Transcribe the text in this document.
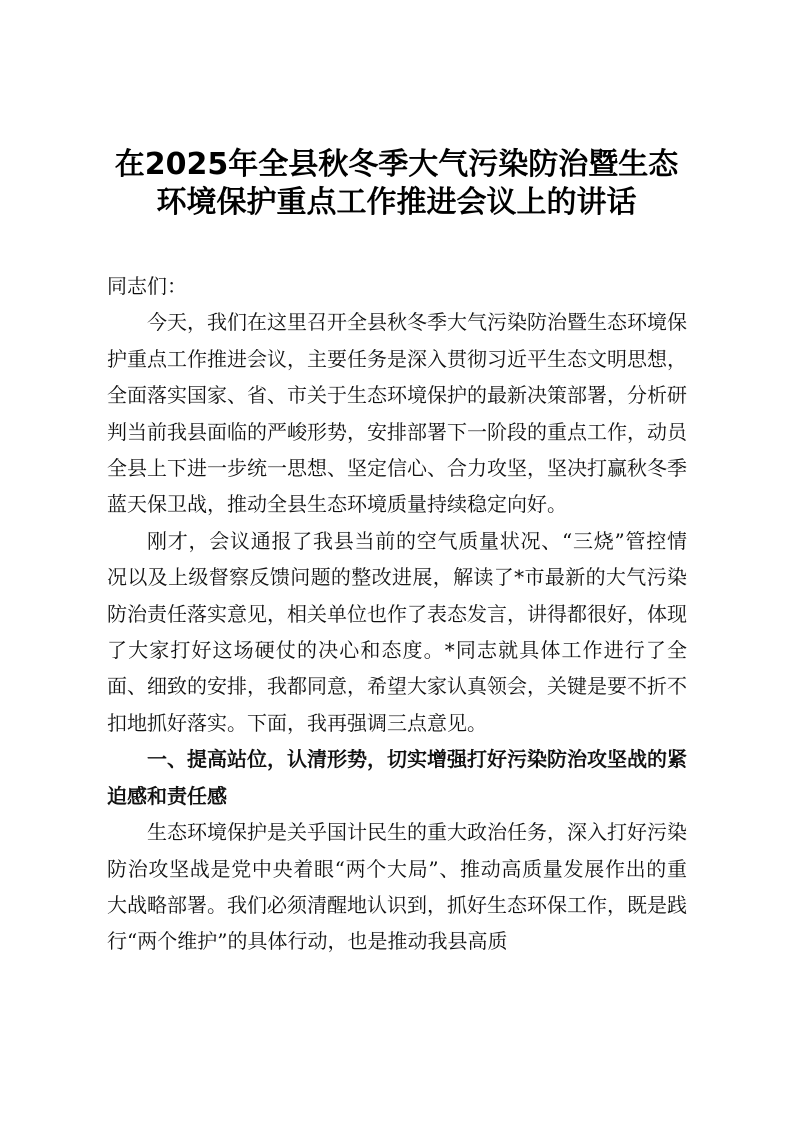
在2025年全县秋冬季大气污染防治暨生态环境保护重点工作推进会议上的讲话

同志们：

今天，我们在这里召开全县秋冬季大气污染防治暨生态环境保护重点工作推进会议，主要任务是深入贯彻习近平生态文明思想，全面落实国家、省、市关于生态环境保护的最新决策部署，分析研判当前我县面临的严峻形势，安排部署下一阶段的重点工作，动员全县上下进一步统一思想、坚定信心、合力攻坚，坚决打赢秋冬季蓝天保卫战，推动全县生态环境质量持续稳定向好。

刚才，会议通报了我县当前的空气质量状况、“三烧”管控情况以及上级督察反馈问题的整改进展，解读了*市最新的大气污染防治责任落实意见，相关单位也作了表态发言，讲得都很好，体现了大家打好这场硬仗的决心和态度。*同志就具体工作进行了全面、细致的安排，我都同意，希望大家认真领会，关键是要不折不扣地抓好落实。下面，我再强调三点意见。

一、提高站位，认清形势，切实增强打好污染防治攻坚战的紧迫感和责任感

生态环境保护是关乎国计民生的重大政治任务，深入打好污染防治攻坚战是党中央着眼“两个大局”、推动高质量发展作出的重大战略部署。我们必须清醒地认识到，抓好生态环保工作，既是践行“两个维护”的具体行动，也是推动我县高质
